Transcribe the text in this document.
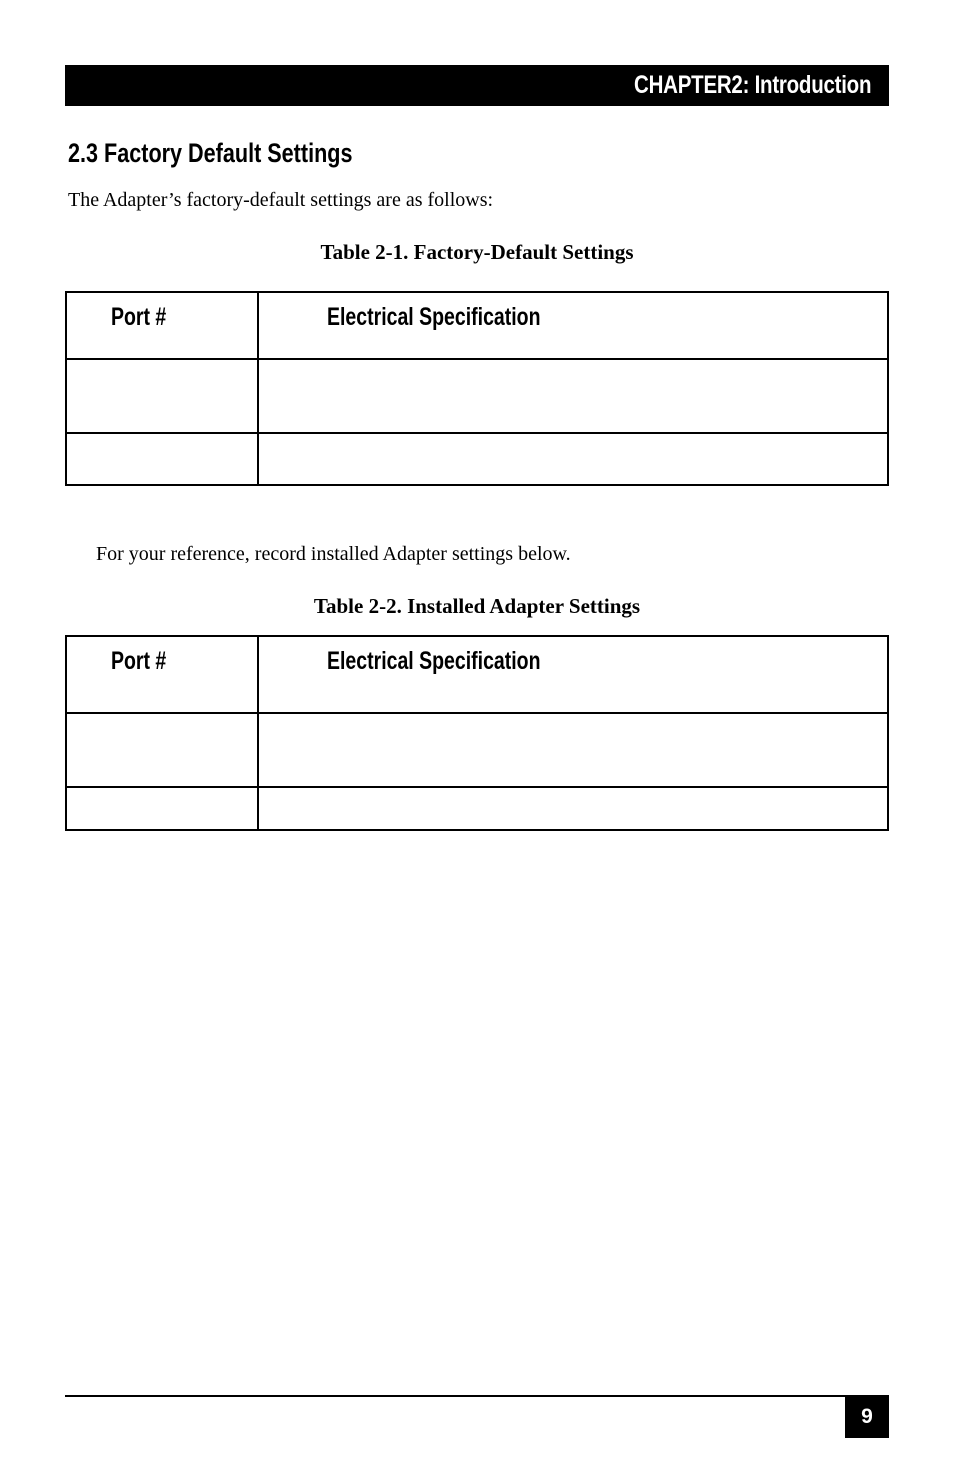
CHAPTER2: Introduction
2.3 Factory Default Settings

The Adapter’s factory-default settings are as follows:

Table 2-1. Factory-Default Settings

Port #	Electrical Specification

For your reference, record installed Adapter settings below.

Table 2-2. Installed Adapter Settings

Port #	Electrical Specification

9
